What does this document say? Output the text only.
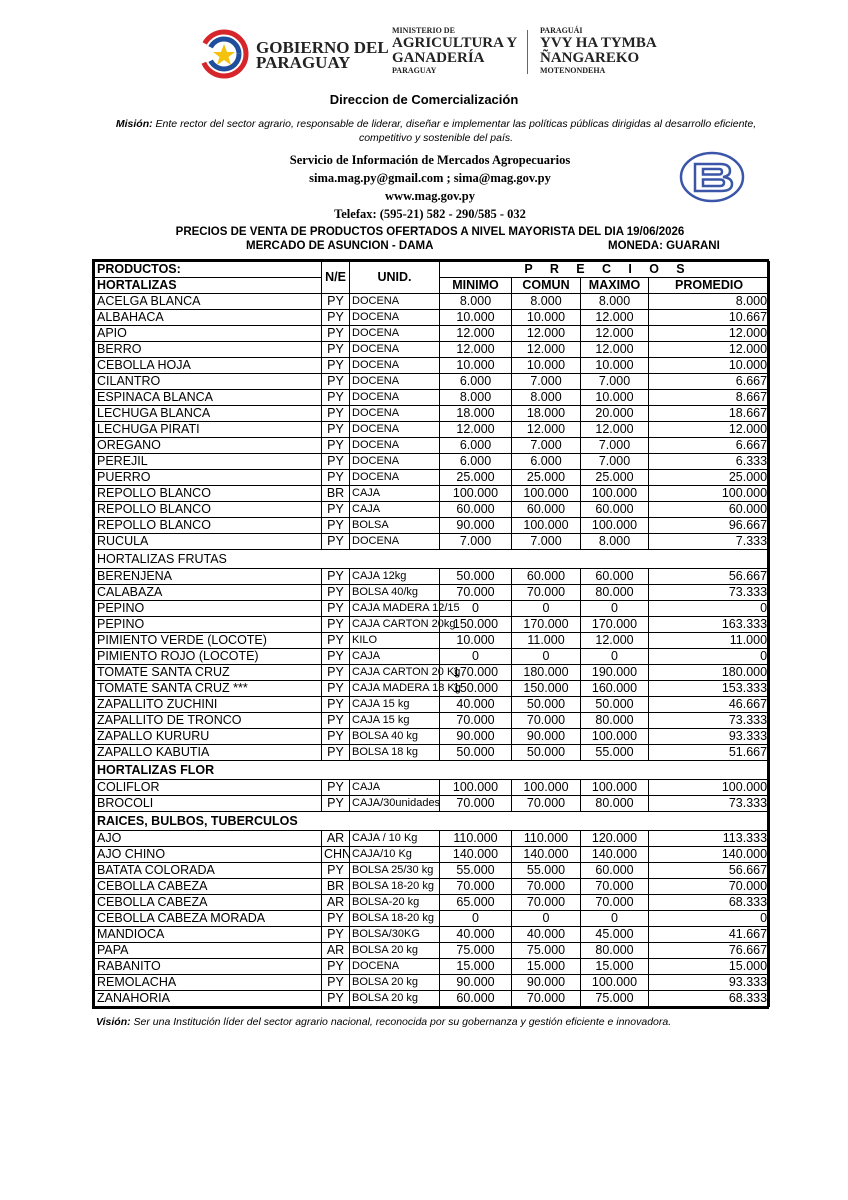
GOBIERNO DEL
PARAGUAY
MINISTERIO DE
AGRICULTURA Y
GANADERÍA
PARAGUAY
PARAGUÁI
YVY HA TYMBA
ÑANGAREKO
MOTENONDEHA
Direccion de Comercialización
Misión: Ente rector del sector agrario, responsable de liderar, diseñar e implementar las políticas públicas dirigidas al desarrollo eficiente, competitivo y sostenible del país.
Servicio de Información de Mercados Agropecuarios
sima.mag.py@gmail.com ; sima@mag.gov.py
www.mag.gov.py
Telefax: (595-21) 582 - 290/585 - 032
PRECIOS DE VENTA DE PRODUCTOS OFERTADOS A NIVEL MAYORISTA DEL DIA 19/06/2026
MERCADO DE ASUNCION - DAMA	MONEDA: GUARANI
PRODUCTOS:	N/E	UNID.	P     R     E     C     I     O     S			
HORTALIZAS			MINIMO	COMUN	MAXIMO	PROMEDIO
ACELGA BLANCA	PY	DOCENA	8.000	8.000	8.000	8.000
ALBAHACA	PY	DOCENA	10.000	10.000	12.000	10.667
APIO	PY	DOCENA	12.000	12.000	12.000	12.000
BERRO	PY	DOCENA	12.000	12.000	12.000	12.000
CEBOLLA HOJA	PY	DOCENA	10.000	10.000	10.000	10.000
CILANTRO	PY	DOCENA	6.000	7.000	7.000	6.667
ESPINACA BLANCA	PY	DOCENA	8.000	8.000	10.000	8.667
LECHUGA BLANCA	PY	DOCENA	18.000	18.000	20.000	18.667
LECHUGA PIRATI	PY	DOCENA	12.000	12.000	12.000	12.000
OREGANO	PY	DOCENA	6.000	7.000	7.000	6.667
PEREJIL	PY	DOCENA	6.000	6.000	7.000	6.333
PUERRO	PY	DOCENA	25.000	25.000	25.000	25.000
REPOLLO BLANCO	BR	CAJA	100.000	100.000	100.000	100.000
REPOLLO BLANCO	PY	CAJA	60.000	60.000	60.000	60.000
REPOLLO BLANCO	PY	BOLSA	90.000	100.000	100.000	96.667
RUCULA	PY	DOCENA	7.000	7.000	8.000	7.333
HORTALIZAS FRUTAS						
BERENJENA	PY	CAJA 12kg	50.000	60.000	60.000	56.667
CALABAZA	PY	BOLSA 40/kg	70.000	70.000	80.000	73.333
PEPINO	PY	CAJA MADERA 12/15	0	0	0	0
PEPINO	PY	CAJA CARTON 20kg	150.000	170.000	170.000	163.333
PIMIENTO VERDE (LOCOTE)	PY	KILO	10.000	11.000	12.000	11.000
PIMIENTO ROJO (LOCOTE)	PY	CAJA	0	0	0	0
TOMATE SANTA CRUZ	PY	CAJA CARTON 20 Kg	170.000	180.000	190.000	180.000
TOMATE SANTA CRUZ ***	PY	CAJA MADERA 18 Kg	150.000	150.000	160.000	153.333
ZAPALLITO ZUCHINI	PY	CAJA 15 kg	40.000	50.000	50.000	46.667
ZAPALLITO DE TRONCO	PY	CAJA 15 kg	70.000	70.000	80.000	73.333
ZAPALLO KURURU	PY	BOLSA 40 kg	90.000	90.000	100.000	93.333
ZAPALLO KABUTIA	PY	BOLSA 18 kg	50.000	50.000	55.000	51.667
HORTALIZAS FLOR						
COLIFLOR	PY	CAJA	100.000	100.000	100.000	100.000
BROCOLI	PY	CAJA/30unidades	70.000	70.000	80.000	73.333
RAICES, BULBOS, TUBERCULOS						
AJO	AR	CAJA / 10 Kg	110.000	110.000	120.000	113.333
AJO CHINO	CHN	CAJA/10 Kg	140.000	140.000	140.000	140.000
BATATA COLORADA	PY	BOLSA 25/30 kg	55.000	55.000	60.000	56.667
CEBOLLA CABEZA	BR	BOLSA 18-20 kg	70.000	70.000	70.000	70.000
CEBOLLA CABEZA	AR	BOLSA-20 kg	65.000	70.000	70.000	68.333
CEBOLLA CABEZA MORADA	PY	BOLSA 18-20 kg	0	0	0	0
MANDIOCA	PY	BOLSA/30KG	40.000	40.000	45.000	41.667
PAPA	AR	BOLSA 20 kg	75.000	75.000	80.000	76.667
RABANITO	PY	DOCENA	15.000	15.000	15.000	15.000
REMOLACHA	PY	BOLSA 20 kg	90.000	90.000	100.000	93.333
ZANAHORIA	PY	BOLSA 20 kg	60.000	70.000	75.000	68.333
Visión: Ser una Institución líder del sector agrario nacional, reconocida por su gobernanza y gestión eficiente e innovadora.
